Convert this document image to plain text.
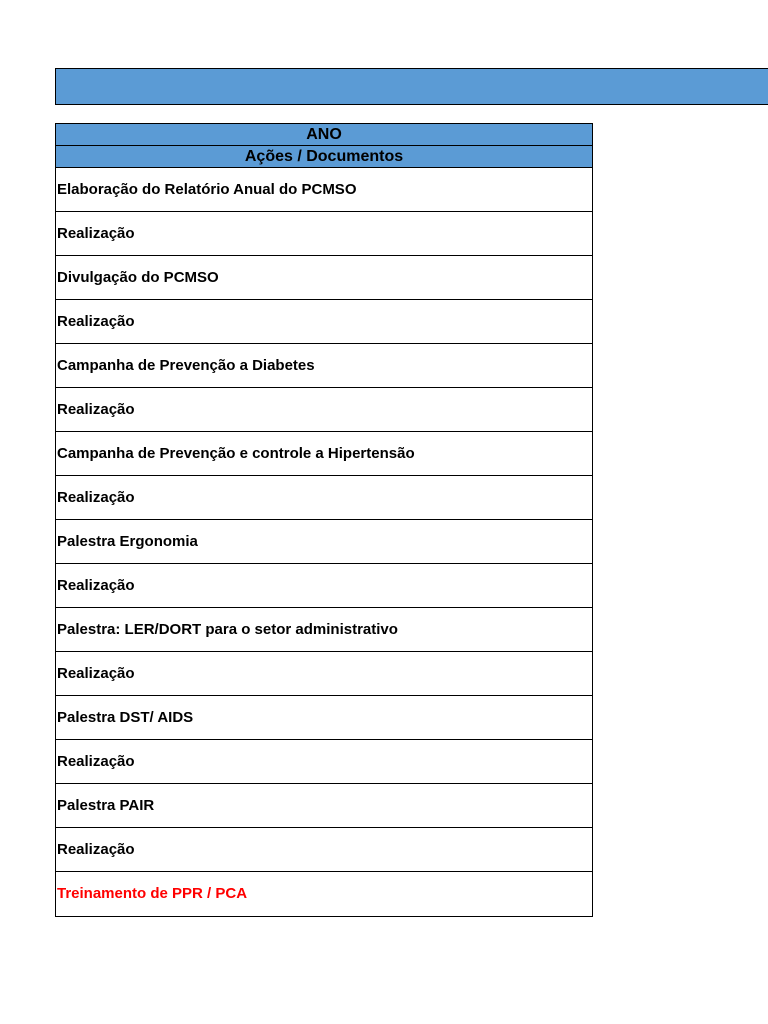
ANO
Ações / Documentos
Elaboração do Relatório Anual do PCMSO
Realização
Divulgação do PCMSO
Realização
Campanha de Prevenção a Diabetes
Realização
Campanha de Prevenção e controle a Hipertensão
Realização
Palestra Ergonomia
Realização
Palestra: LER/DORT para o setor administrativo
Realização
Palestra DST/ AIDS
Realização
Palestra PAIR
Realização
Treinamento de PPR / PCA
